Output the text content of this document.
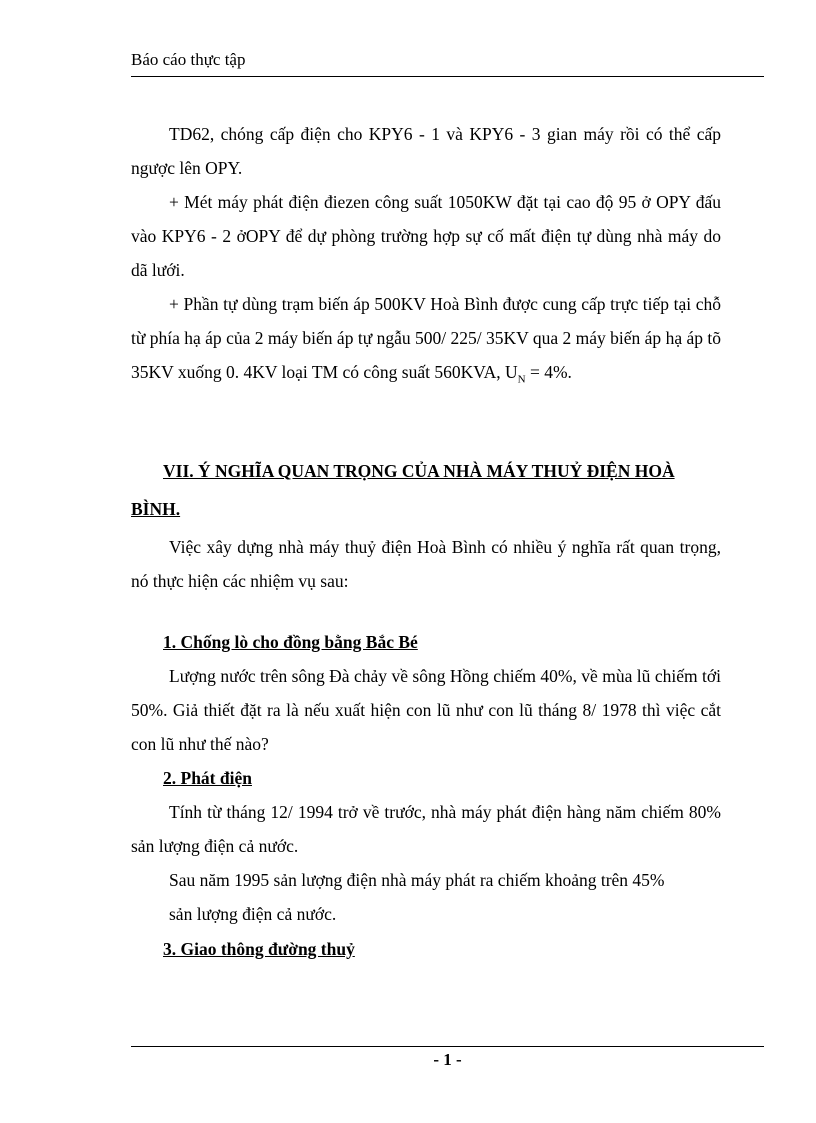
Báo cáo thực tập

TD62, chóng cấp điện cho KPY6 - 1 và KPY6 - 3 gian máy rồi có thể cấp ngược lên OPY.

+ Mét máy phát điện điezen công suất 1050KW đặt tại cao độ 95 ở OPY đấu vào KPY6 - 2 ởOPY để dự phòng trường hợp sự cố mất điện tự dùng nhà máy do dã lưới.

+ Phần tự dùng trạm biến áp 500KV Hoà Bình được cung cấp trực tiếp tại chỗ từ phía hạ áp của 2 máy biến áp tự ngẫu 500/ 225/ 35KV qua 2 máy biến áp hạ áp tõ 35KV xuống 0. 4KV loại TM có công suất 560KVA, $U_N = 4\%$.

VII. Ý NGHĨA QUAN TRỌNG CỦA NHÀ MÁY THUỶ ĐIỆN HOÀ
BÌNH.

Việc xây dựng nhà máy thuỷ điện Hoà Bình có nhiều ý nghĩa rất quan trọng, nó thực hiện các nhiệm vụ sau:

1. Chống lò cho đồng bằng Bắc Bé

Lượng nước trên sông Đà chảy về sông Hồng chiếm 40%, về mùa lũ chiếm tới 50%. Giả thiết đặt ra là nếu xuất hiện con lũ như con lũ tháng 8/ 1978 thì việc cắt con lũ như thế nào?

2. Phát điện

Tính từ tháng 12/ 1994 trở về trước, nhà máy phát điện hàng năm chiếm 80% sản lượng điện cả nước.

Sau năm 1995 sản lượng điện nhà máy phát ra chiếm khoảng trên 45%

sản lượng điện cả nước.

3. Giao thông đường thuỷ
- 1 -
